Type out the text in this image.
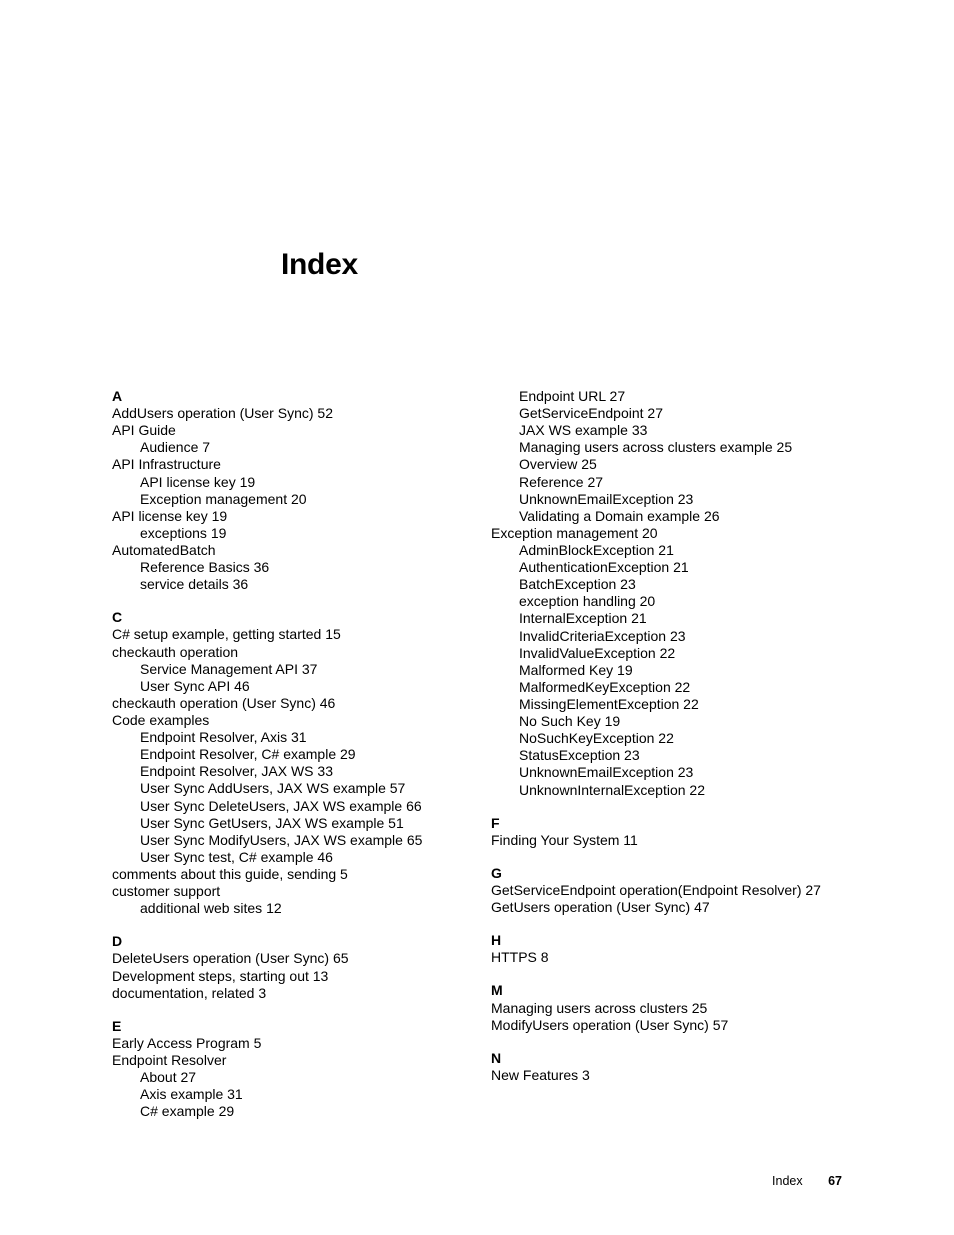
Index
A
AddUsers operation (User Sync) 52
API Guide
Audience 7
API Infrastructure
API license key 19
Exception management 20
API license key 19
exceptions 19
AutomatedBatch
Reference Basics 36
service details 36
C
C# setup example, getting started 15
checkauth operation
Service Management API 37
User Sync API 46
checkauth operation (User Sync) 46
Code examples
Endpoint Resolver, Axis 31
Endpoint Resolver, C# example 29
Endpoint Resolver, JAX WS 33
User Sync AddUsers, JAX WS example 57
User Sync DeleteUsers, JAX WS example 66
User Sync GetUsers, JAX WS example 51
User Sync ModifyUsers, JAX WS example 65
User Sync test, C# example 46
comments about this guide, sending 5
customer support
additional web sites 12
D
DeleteUsers operation (User Sync) 65
Development steps, starting out 13
documentation, related 3
E
Early Access Program 5
Endpoint Resolver
About 27
Axis example 31
C# example 29
Endpoint URL 27
GetServiceEndpoint 27
JAX WS example 33
Managing users across clusters example 25
Overview 25
Reference 27
UnknownEmailException 23
Validating a Domain example 26
Exception management 20
AdminBlockException 21
AuthenticationException 21
BatchException 23
exception handling 20
InternalException 21
InvalidCriteriaException 23
InvalidValueException 22
Malformed Key 19
MalformedKeyException 22
MissingElementException 22
No Such Key 19
NoSuchKeyException 22
StatusException 23
UnknownEmailException 23
UnknownInternalException 22
F
Finding Your System 11
G
GetServiceEndpoint operation(Endpoint Resolver) 27
GetUsers operation (User Sync) 47
H
HTTPS 8
M
Managing users across clusters 25
ModifyUsers operation (User Sync) 57
N
New Features 3
Index 67
